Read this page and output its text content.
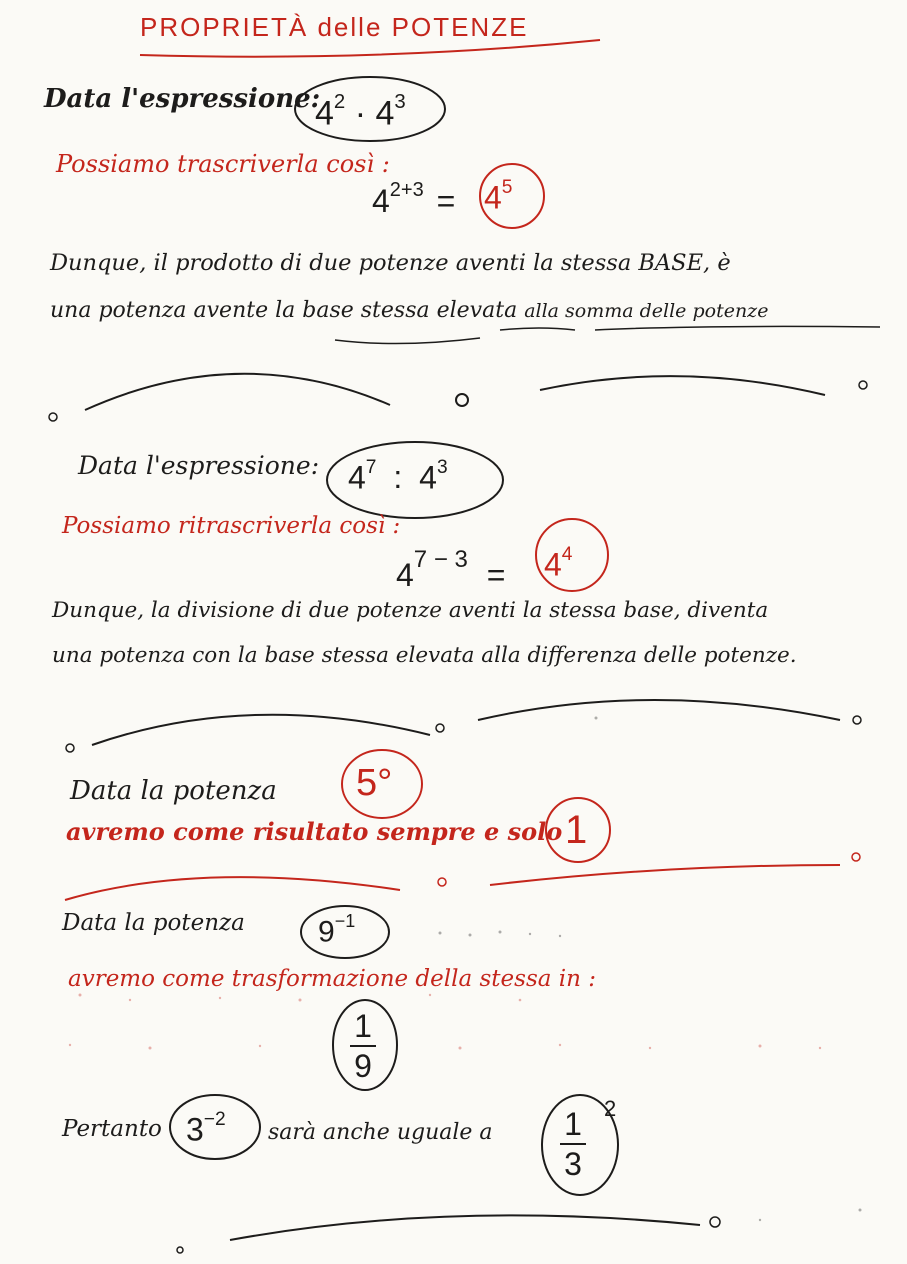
PROPRIETÀ delle POTENZE
Data l'espressione:
$4^2 \cdot 4^3$
Possiamo trascriverla così :
$4^{2+3} = 4^5$
Dunque, il prodotto di due potenze aventi la stessa BASE, è
una potenza avente la base stessa elevata alla somma delle potenze
Data l'espressione: $4^7$ : $4^3$
Possiamo ritrascriverla così :
$4^{7 - 3} = 4^4$
Dunque, la divisione di due potenze aventi la stessa base, diventa
una potenza con la base stessa elevata alla differenza delle potenze.
Data la potenza 5°
avremo come risultato sempre e solo 1
Data la potenza $9^{-1}$
avremo come trasformazione della stessa in :
1
9
Pertanto $3^{-2}$
sarà anche uguale a 1
3
2
